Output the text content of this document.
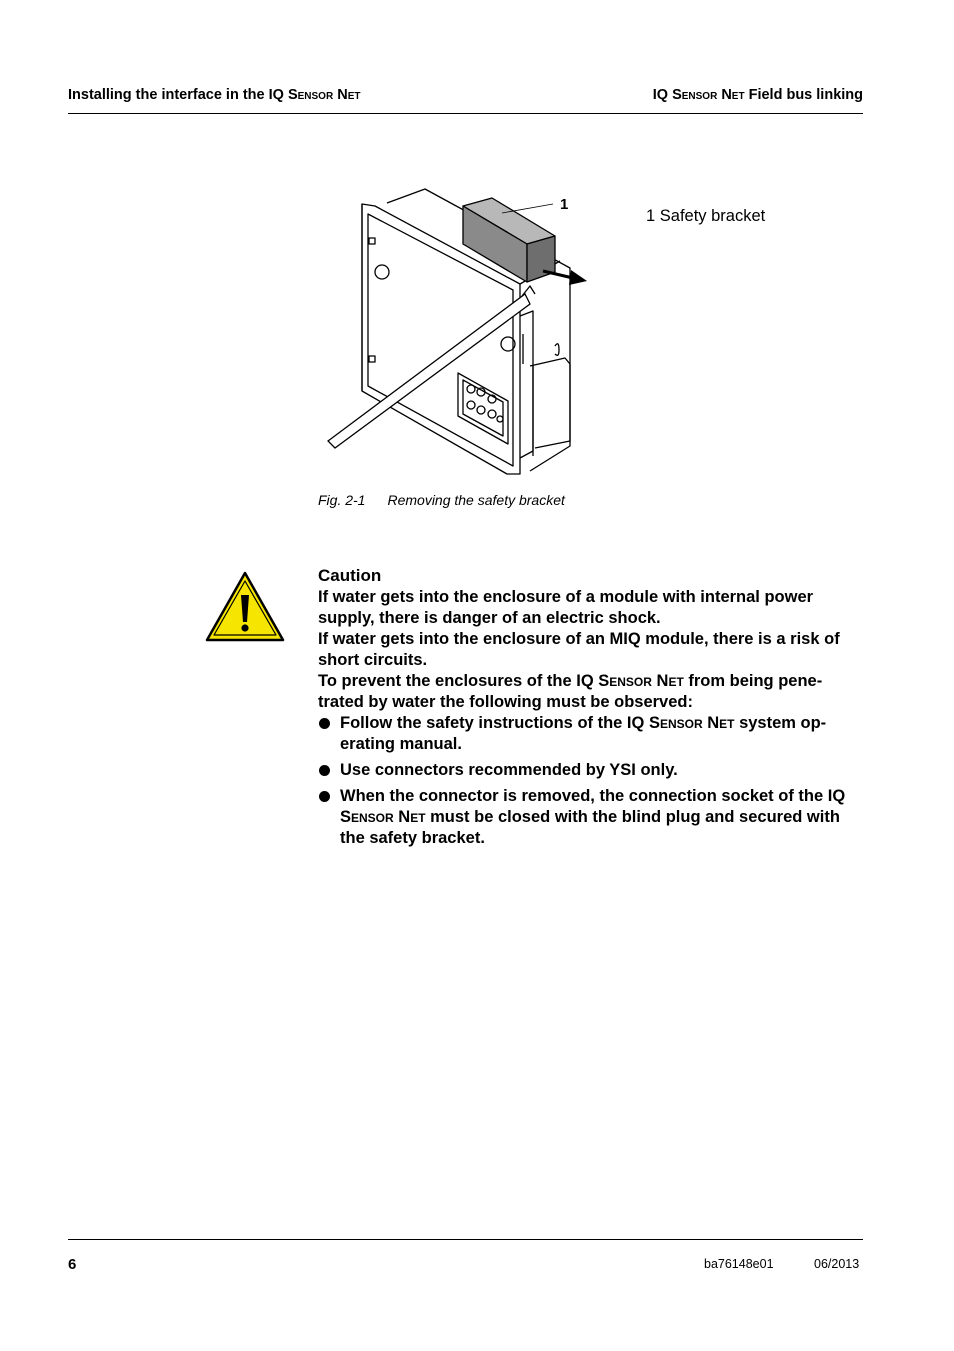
Installing the interface in the IQ Sensor Net	IQ Sensor Net Field bus linking
1
1 Safety bracket
Fig. 2-1 Removing the safety bracket
Caution

If water gets into the enclosure of a module with internal power supply, there is danger of an electric shock.

If water gets into the enclosure of an MIQ module, there is a risk of short circuits.

To prevent the enclosures of the IQ Sensor Net from being pene-trated by water the following must be observed:

Follow the safety instructions of the IQ Sensor Net system op-erating manual.
Use connectors recommended by YSI only.
When the connector is removed, the connection socket of the IQ Sensor Net must be closed with the blind plug and secured with the safety bracket.
6	ba76148e01	06/2013
